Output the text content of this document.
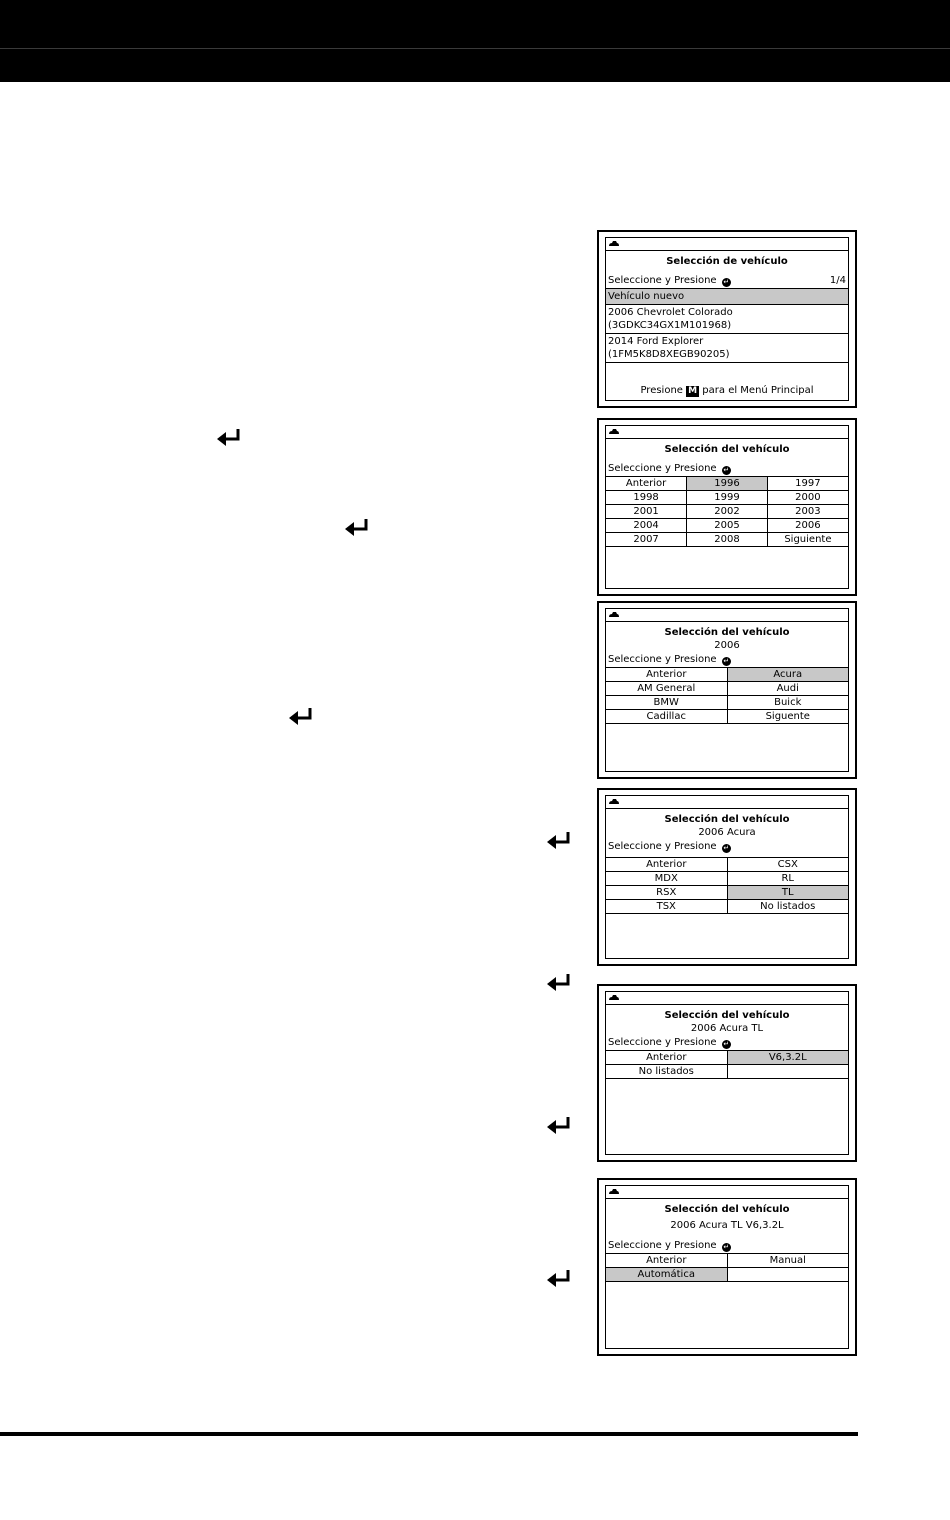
Selección de vehículo
Seleccione y Presione ↵	1/4
Vehículo nuevo
2006 Chevrolet Colorado
(3GDKC34GX1M101968)
2014 Ford Explorer
(1FM5K8D8XEGB90205)
Presione M para el Menú Principal
Selección del vehículo
Seleccione y Presione ↵
Anterior	1996	1997
1998	1999	2000
2001	2002	2003
2004	2005	2006
2007	2008	Siguiente
Selección del vehículo
2006
Seleccione y Presione ↵
Anterior	Acura
AM General	Audi
BMW	Buick
Cadillac	Siguente
Selección del vehículo
2006 Acura
Seleccione y Presione ↵
Anterior	CSX
MDX	RL
RSX	TL
TSX	No listados
Selección del vehículo
2006 Acura TL
Seleccione y Presione ↵
Anterior	V6,3.2L
No listados	
Selección del vehículo
2006 Acura TL V6,3.2L
Seleccione y Presione ↵
Anterior	Manual
Automática	
